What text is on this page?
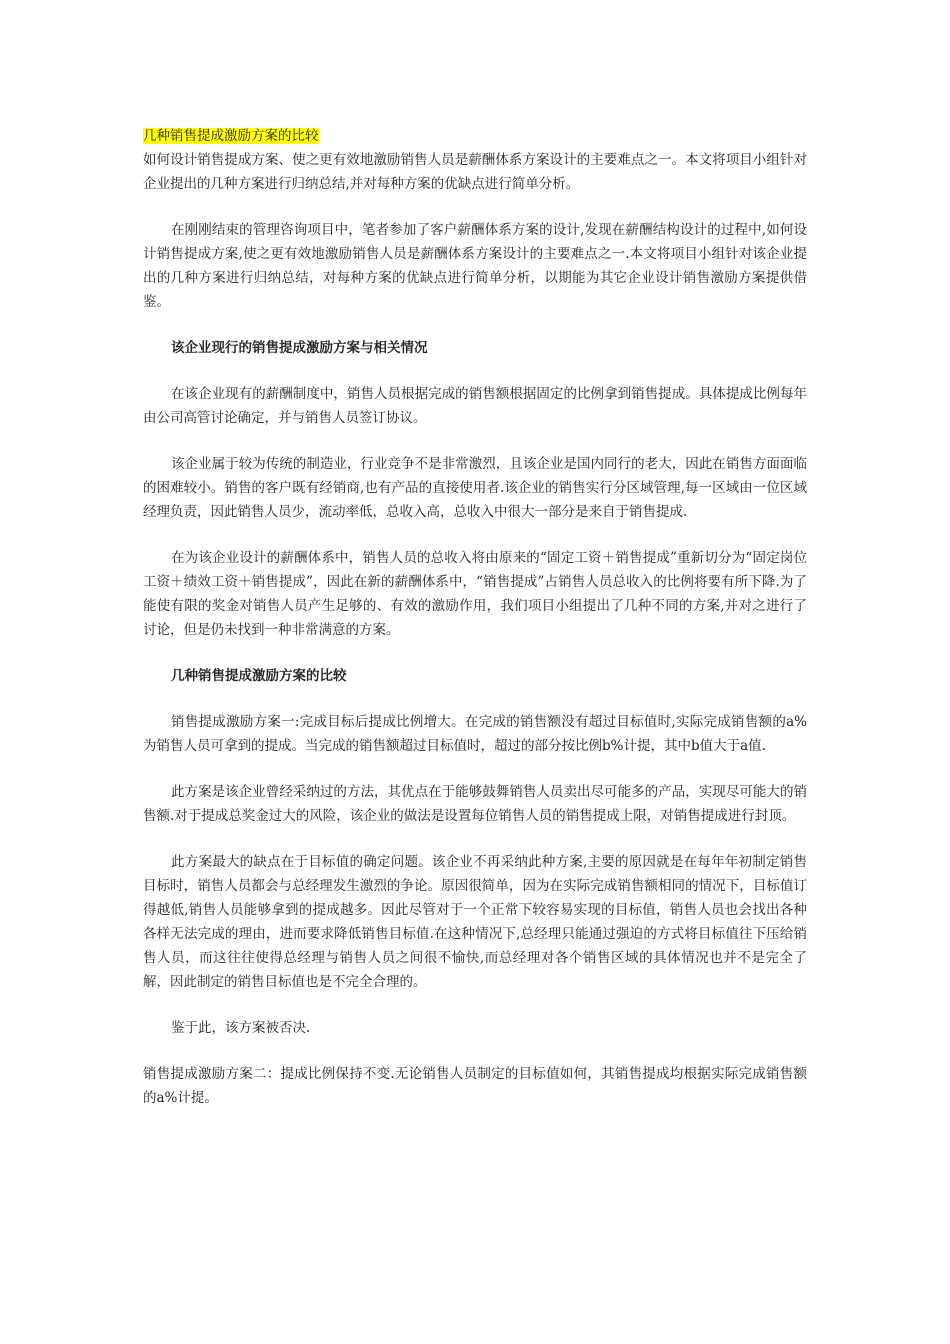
几种销售提成激励方案的比较

如何设计销售提成方案、使之更有效地激励销售人员是薪酬体系方案设计的主要难点之一。本文将项目小组针对企业提出的几种方案进行归纳总结,并对每种方案的优缺点进行简单分析。

在刚刚结束的管理咨询项目中，笔者参加了客户薪酬体系方案的设计,发现在薪酬结构设计的过程中,如何设计销售提成方案,使之更有效地激励销售人员是薪酬体系方案设计的主要难点之一.本文将项目小组针对该企业提出的几种方案进行归纳总结，对每种方案的优缺点进行简单分析，以期能为其它企业设计销售激励方案提供借鉴。

该企业现行的销售提成激励方案与相关情况

在该企业现有的薪酬制度中，销售人员根据完成的销售额根据固定的比例拿到销售提成。具体提成比例每年由公司高管讨论确定，并与销售人员签订协议。

该企业属于较为传统的制造业，行业竞争不是非常激烈，且该企业是国内同行的老大，因此在销售方面面临的困难较小。销售的客户既有经销商,也有产品的直接使用者.该企业的销售实行分区域管理,每一区域由一位区域经理负责，因此销售人员少，流动率低，总收入高，总收入中很大一部分是来自于销售提成.

在为该企业设计的薪酬体系中，销售人员的总收入将由原来的“固定工资＋销售提成”重新切分为“固定岗位工资＋绩效工资＋销售提成”，因此在新的薪酬体系中，“销售提成”占销售人员总收入的比例将要有所下降.为了能使有限的奖金对销售人员产生足够的、有效的激励作用，我们项目小组提出了几种不同的方案,并对之进行了讨论，但是仍未找到一种非常满意的方案。

几种销售提成激励方案的比较

销售提成激励方案一:完成目标后提成比例增大。在完成的销售额没有超过目标值时,实际完成销售额的a%为销售人员可拿到的提成。当完成的销售额超过目标值时，超过的部分按比例b%计提，其中b值大于a值.

此方案是该企业曾经采纳过的方法，其优点在于能够鼓舞销售人员卖出尽可能多的产品，实现尽可能大的销售额.对于提成总奖金过大的风险，该企业的做法是设置每位销售人员的销售提成上限，对销售提成进行封顶。

此方案最大的缺点在于目标值的确定问题。该企业不再采纳此种方案,主要的原因就是在每年年初制定销售目标时，销售人员都会与总经理发生激烈的争论。原因很简单，因为在实际完成销售额相同的情况下，目标值订得越低,销售人员能够拿到的提成越多。因此尽管对于一个正常下较容易实现的目标值，销售人员也会找出各种各样无法完成的理由，进而要求降低销售目标值.在这种情况下,总经理只能通过强迫的方式将目标值往下压给销售人员，而这往往使得总经理与销售人员之间很不愉快,而总经理对各个销售区域的具体情况也并不是完全了解，因此制定的销售目标值也是不完全合理的。

鉴于此，该方案被否决.

销售提成激励方案二：提成比例保持不变.无论销售人员制定的目标值如何，其销售提成均根据实际完成销售额的a%计提。
